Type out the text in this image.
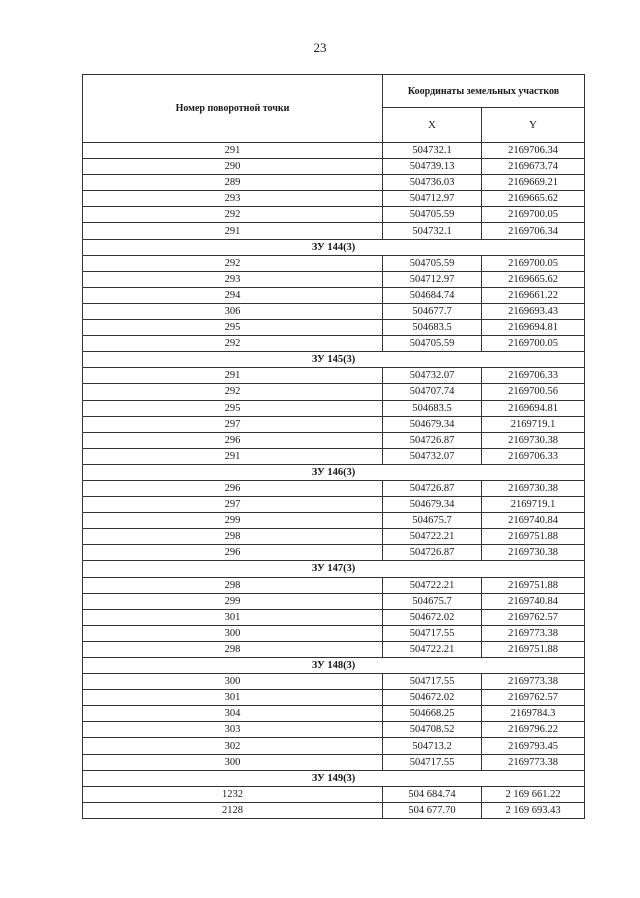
23
Номер поворотной точки	Координаты земельных участков	
	X	Y
291	504732.1	2169706.34
290	504739.13	2169673.74
289	504736.03	2169669.21
293	504712.97	2169665.62
292	504705.59	2169700.05
291	504732.1	2169706.34
ЗУ 144(3)		
292	504705.59	2169700.05
293	504712.97	2169665.62
294	504684.74	2169661.22
306	504677.7	2169693.43
295	504683.5	2169694.81
292	504705.59	2169700.05
ЗУ 145(3)		
291	504732.07	2169706.33
292	504707.74	2169700.56
295	504683.5	2169694.81
297	504679.34	2169719.1
296	504726.87	2169730.38
291	504732.07	2169706.33
ЗУ 146(3)		
296	504726.87	2169730.38
297	504679.34	2169719.1
299	504675.7	2169740.84
298	504722.21	2169751.88
296	504726.87	2169730.38
ЗУ 147(3)		
298	504722.21	2169751.88
299	504675.7	2169740.84
301	504672.02	2169762.57
300	504717.55	2169773.38
298	504722.21	2169751.88
ЗУ 148(3)		
300	504717.55	2169773.38
301	504672.02	2169762.57
304	504668.25	2169784.3
303	504708.52	2169796.22
302	504713.2	2169793.45
300	504717.55	2169773.38
ЗУ 149(3)		
1232	504 684.74	2 169 661.22
2128	504 677.70	2 169 693.43
